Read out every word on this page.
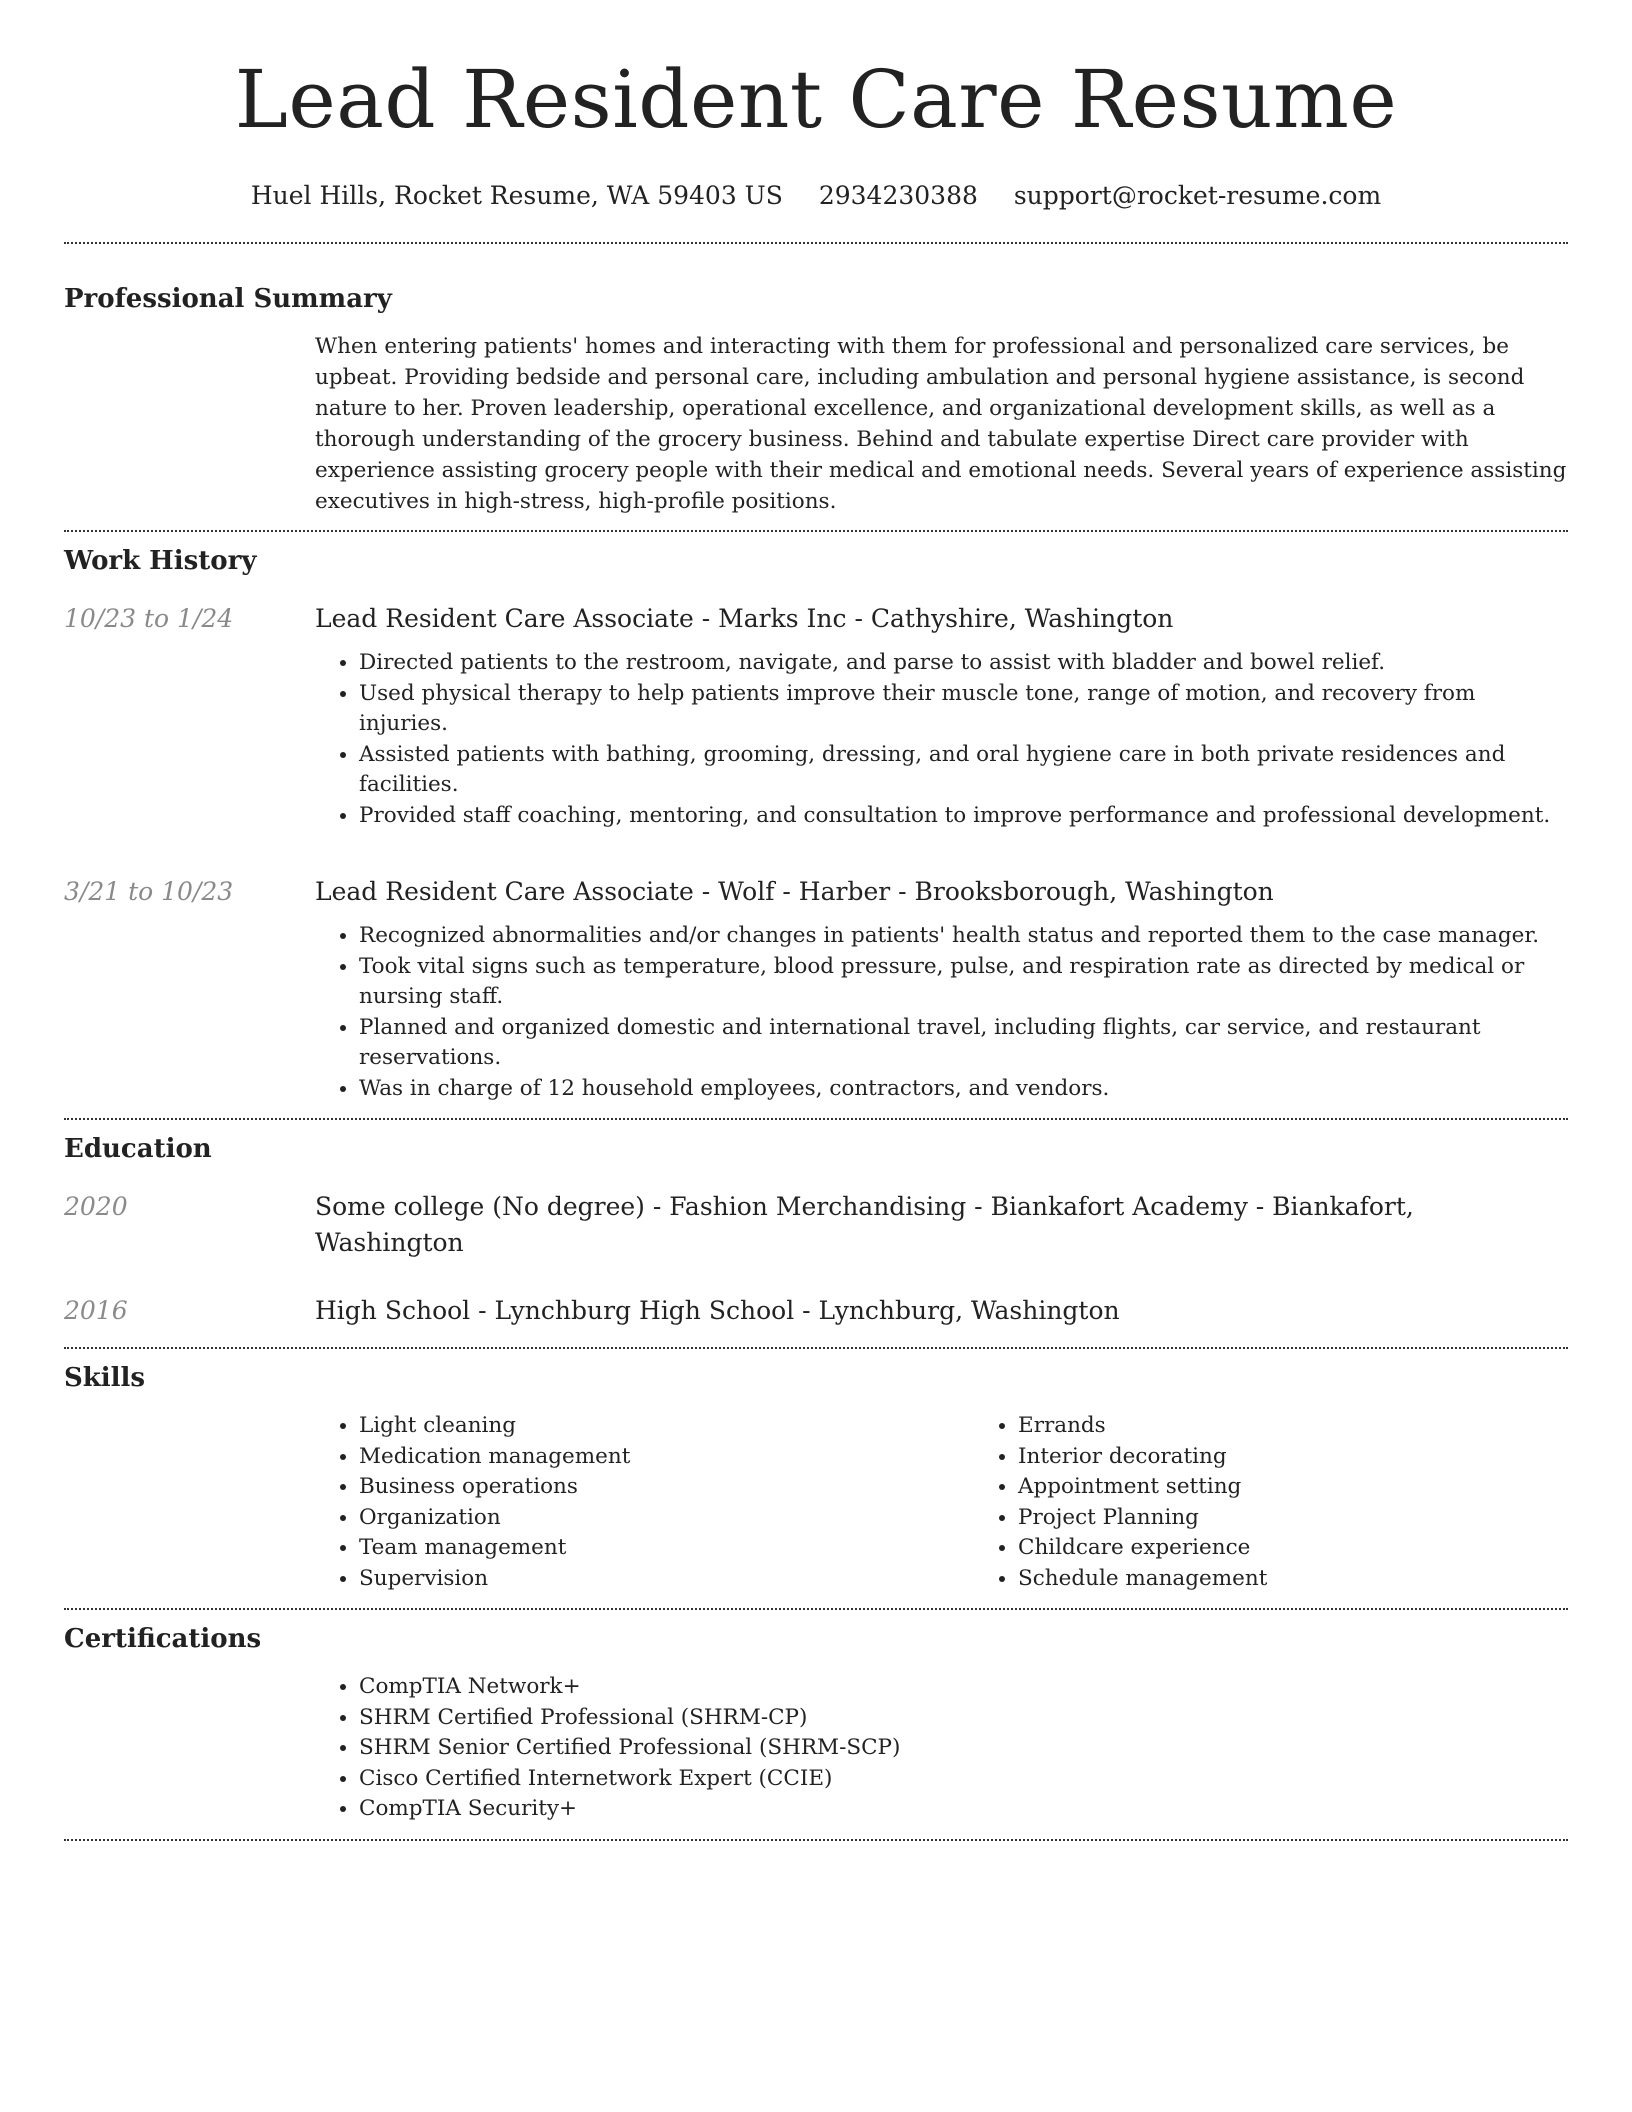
Lead Resident Care Resume
Huel Hills, Rocket Resume, WA 59403 US 2934230388 support@rocket-resume.com
Professional Summary

When entering patients' homes and interacting with them for professional and personalized care services, be upbeat. Providing bedside and personal care, including ambulation and personal hygiene assistance, is second nature to her. Proven leadership, operational excellence, and organizational development skills, as well as a thorough understanding of the grocery business. Behind and tabulate expertise Direct care provider with experience assisting grocery people with their medical and emotional needs. Several years of experience assisting executives in high-stress, high-profile positions.

Work History
10/23 to 1/24	Lead Resident Care Associate - Marks Inc - Cathyshire, Washington
• Directed patients to the restroom, navigate, and parse to assist with bladder and bowel relief.
• Used physical therapy to help patients improve their muscle tone, range of motion, and recovery from injuries.
• Assisted patients with bathing, grooming, dressing, and oral hygiene care in both private residences and facilities.
• Provided staff coaching, mentoring, and consultation to improve performance and professional development.
3/21 to 10/23	Lead Resident Care Associate - Wolf - Harber - Brooksborough, Washington
• Recognized abnormalities and/or changes in patients' health status and reported them to the case manager.
• Took vital signs such as temperature, blood pressure, pulse, and respiration rate as directed by medical or nursing staff.
• Planned and organized domestic and international travel, including flights, car service, and restaurant reservations.
• Was in charge of 12 household employees, contractors, and vendors.
Education
2020	Some college (No degree) - Fashion Merchandising - Biankafort Academy - Biankafort, Washington
2016	High School - Lynchburg High School - Lynchburg, Washington
Skills
• Light cleaning
• Medication management
• Business operations
• Organization
• Team management
• Supervision
• Errands
• Interior decorating
• Appointment setting
• Project Planning
• Childcare experience
• Schedule management
Certifications
• CompTIA Network+
• SHRM Certified Professional (SHRM-CP)
• SHRM Senior Certified Professional (SHRM-SCP)
• Cisco Certified Internetwork Expert (CCIE)
• CompTIA Security+
